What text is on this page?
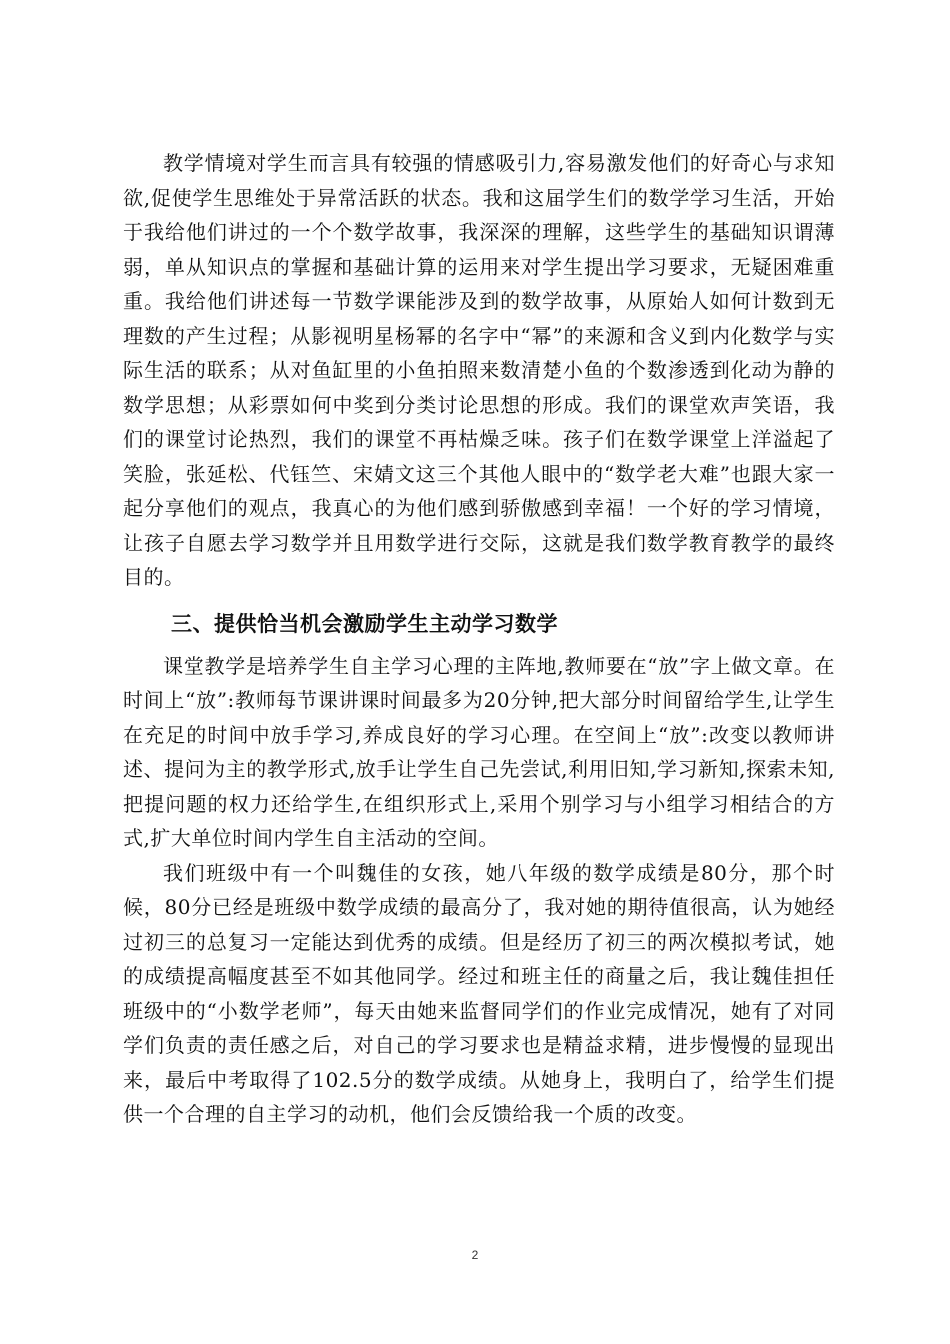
教学情境对学生而言具有较强的情感吸引力,容易激发他们的好奇心与求知欲,促使学生思维处于异常活跃的状态。我和这届学生们的数学学习生活，开始于我给他们讲过的一个个数学故事，我深深的理解，这些学生的基础知识谓薄弱，单从知识点的掌握和基础计算的运用来对学生提出学习要求，无疑困难重重。我给他们讲述每一节数学课能涉及到的数学故事，从原始人如何计数到无理数的产生过程；从影视明星杨幂的名字中“幂”的来源和含义到内化数学与实际生活的联系；从对鱼缸里的小鱼拍照来数清楚小鱼的个数渗透到化动为静的数学思想；从彩票如何中奖到分类讨论思想的形成。我们的课堂欢声笑语，我们的课堂讨论热烈，我们的课堂不再枯燥乏味。孩子们在数学课堂上洋溢起了笑脸，张延松、代钰竺、宋婧文这三个其他人眼中的“数学老大难”也跟大家一起分享他们的观点，我真心的为他们感到骄傲感到幸福！一个好的学习情境，让孩子自愿去学习数学并且用数学进行交际，这就是我们数学教育教学的最终目的。

三、提供恰当机会激励学生主动学习数学

课堂教学是培养学生自主学习心理的主阵地,教师要在“放”字上做文章。在时间上“放”:教师每节课讲课时间最多为20分钟,把大部分时间留给学生,让学生在充足的时间中放手学习,养成良好的学习心理。在空间上“放”:改变以教师讲述、提问为主的教学形式,放手让学生自己先尝试,利用旧知,学习新知,探索未知,把提问题的权力还给学生,在组织形式上,采用个别学习与小组学习相结合的方式,扩大单位时间内学生自主活动的空间。

我们班级中有一个叫魏佳的女孩，她八年级的数学成绩是80分，那个时候，80分已经是班级中数学成绩的最高分了，我对她的期待值很高，认为她经过初三的总复习一定能达到优秀的成绩。但是经历了初三的两次模拟考试，她的成绩提高幅度甚至不如其他同学。经过和班主任的商量之后，我让魏佳担任班级中的“小数学老师”，每天由她来监督同学们的作业完成情况，她有了对同学们负责的责任感之后，对自己的学习要求也是精益求精，进步慢慢的显现出来，最后中考取得了102.5分的数学成绩。从她身上，我明白了，给学生们提供一个合理的自主学习的动机，他们会反馈给我一个质的改变。

2
